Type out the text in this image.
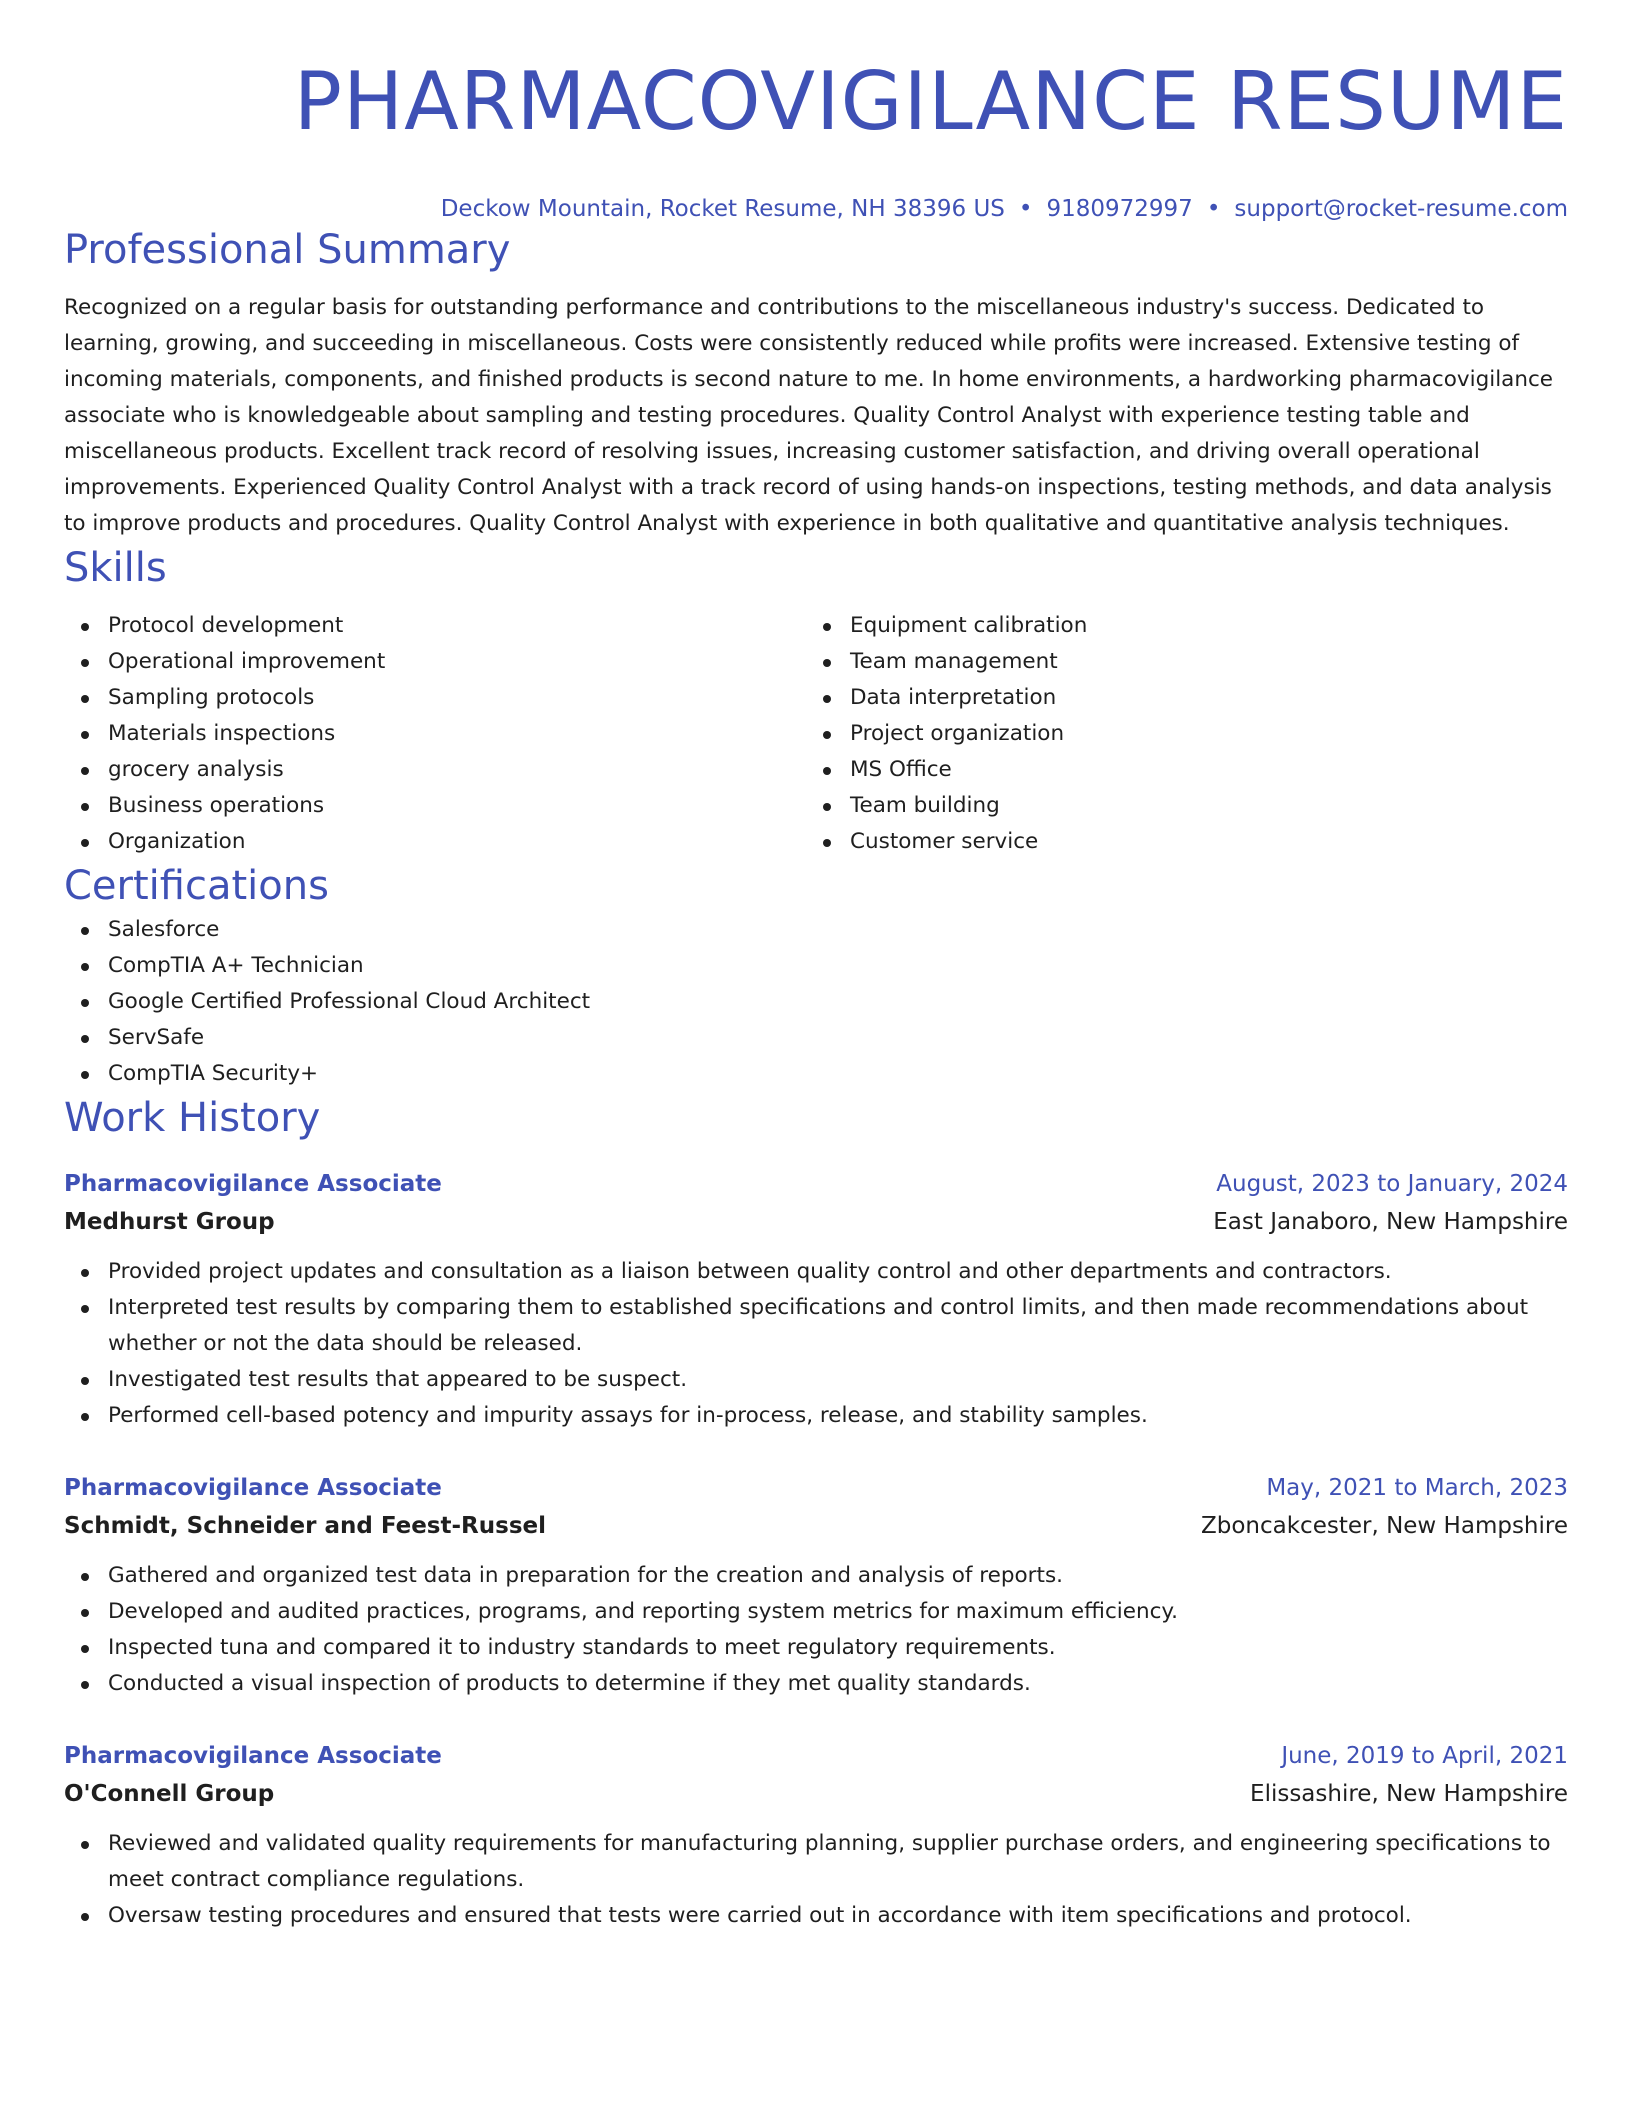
PHARMACOVIGILANCE RESUME
Deckow Mountain, Rocket Resume, NH 38396 US • 9180972997 • support@rocket-resume.com
Professional Summary

Recognized on a regular basis for outstanding performance and contributions to the miscellaneous industry's success. Dedicated to learning, growing, and succeeding in miscellaneous. Costs were consistently reduced while profits were increased. Extensive testing of incoming materials, components, and finished products is second nature to me. In home environments, a hardworking pharmacovigilance associate who is knowledgeable about sampling and testing procedures. Quality Control Analyst with experience testing table and miscellaneous products. Excellent track record of resolving issues, increasing customer satisfaction, and driving overall operational improvements. Experienced Quality Control Analyst with a track record of using hands-on inspections, testing methods, and data analysis to improve products and procedures. Quality Control Analyst with experience in both qualitative and quantitative analysis techniques.

Skills
Protocol development
Operational improvement
Sampling protocols
Materials inspections
grocery analysis
Business operations
Organization
Equipment calibration
Team management
Data interpretation
Project organization
MS Office
Team building
Customer service
Certifications
Salesforce
CompTIA A+ Technician
Google Certified Professional Cloud Architect
ServSafe
CompTIA Security+
Work History
Pharmacovigilance Associate	August, 2023 to January, 2024
Medhurst Group	East Janaboro, New Hampshire
Provided project updates and consultation as a liaison between quality control and other departments and contractors.
Interpreted test results by comparing them to established specifications and control limits, and then made recommendations about whether or not the data should be released.
Investigated test results that appeared to be suspect.
Performed cell-based potency and impurity assays for in-process, release, and stability samples.
Pharmacovigilance Associate	May, 2021 to March, 2023
Schmidt, Schneider and Feest-Russel	Zboncakcester, New Hampshire
Gathered and organized test data in preparation for the creation and analysis of reports.
Developed and audited practices, programs, and reporting system metrics for maximum efficiency.
Inspected tuna and compared it to industry standards to meet regulatory requirements.
Conducted a visual inspection of products to determine if they met quality standards.
Pharmacovigilance Associate	June, 2019 to April, 2021
O'Connell Group	Elissashire, New Hampshire
Reviewed and validated quality requirements for manufacturing planning, supplier purchase orders, and engineering specifications to meet contract compliance regulations.
Oversaw testing procedures and ensured that tests were carried out in accordance with item specifications and protocol.
